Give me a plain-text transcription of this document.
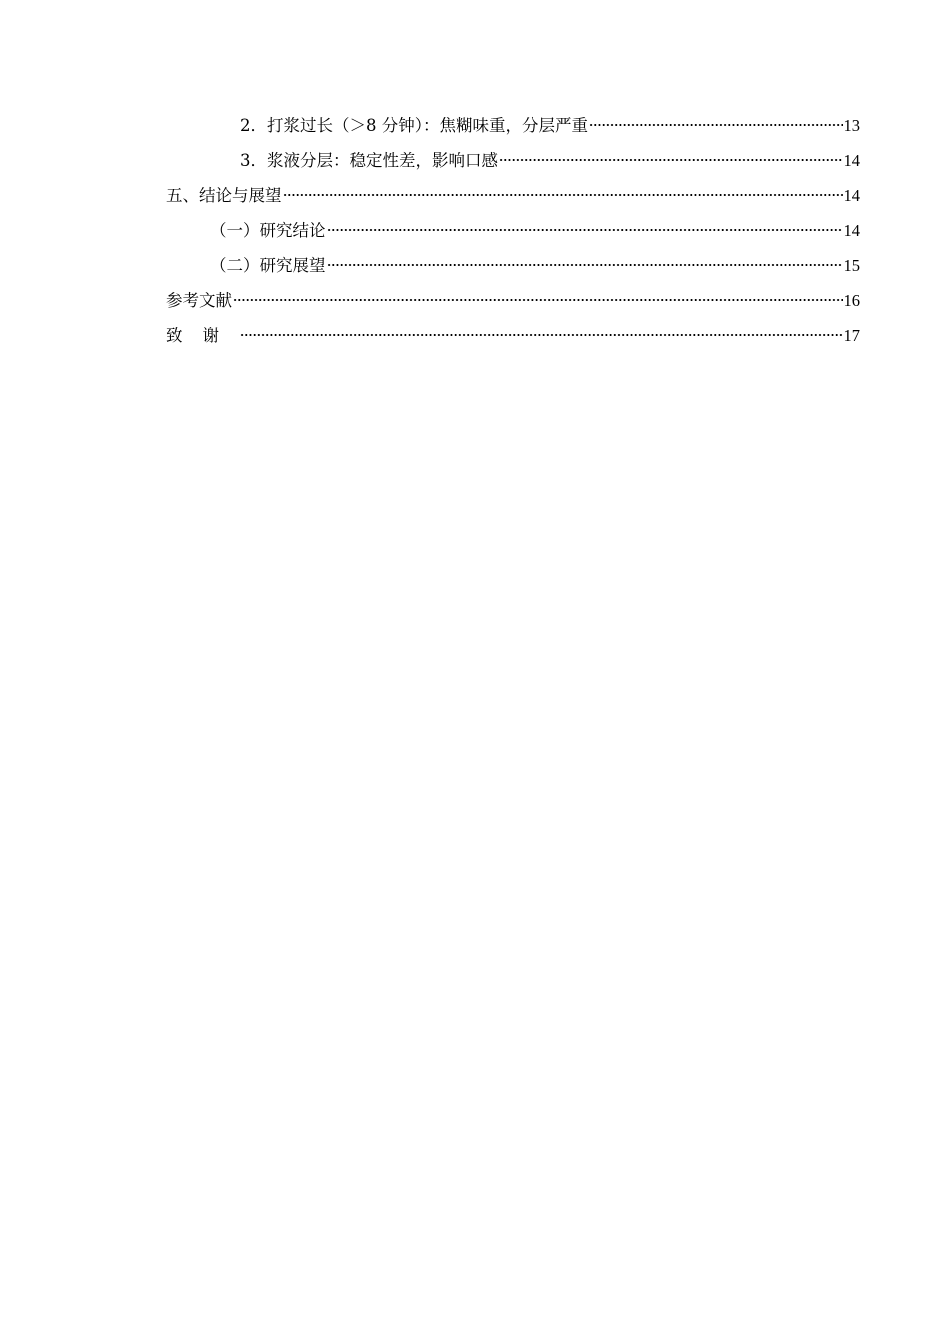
2．打浆过长（＞8 分钟）：焦糊味重，分层严重	13
3．浆液分层：稳定性差，影响口感	14
五、结论与展望	14
（一）研究结论	14
（二）研究展望	15
参考文献	16
致谢	17
